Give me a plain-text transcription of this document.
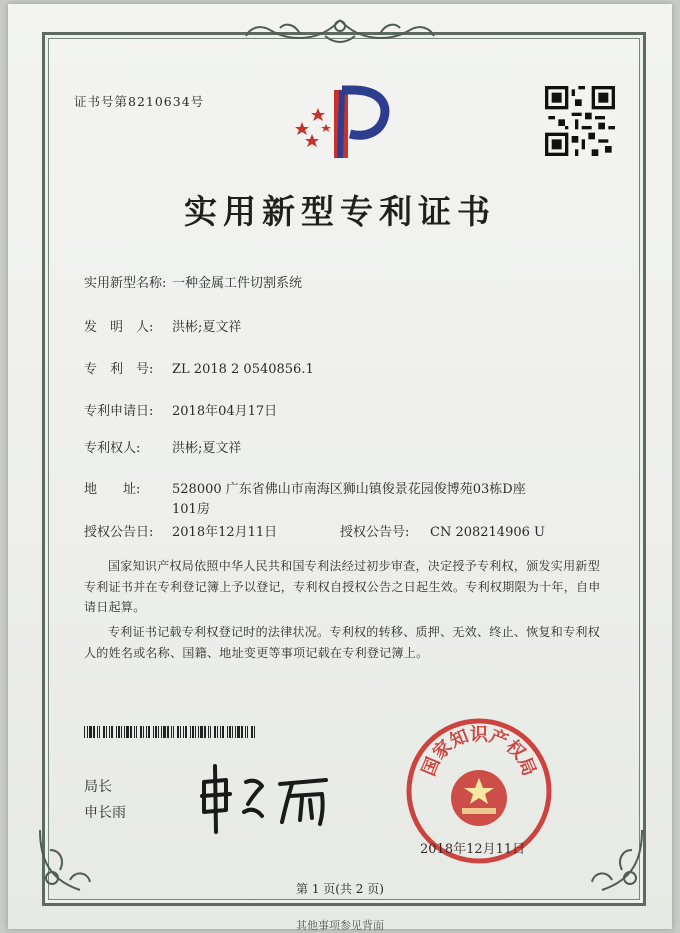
证书号第8210634号
实用新型专利证书
实用新型名称: 一种金属工件切割系统
发　明　人: 洪彬;夏文祥
专　利　号: ZL 2018 2 0540856.1
专利申请日: 2018年04月17日
专利权人: 洪彬;夏文祥
地　　址:	528000 广东省佛山市南海区狮山镇俊景花园俊博苑03栋D座101房
授权公告日: 2018年12月11日	授权公告号: CN 208214906 U
国家知识产权局依照中华人民共和国专利法经过初步审查，决定授予专利权，颁发实用新型专利证书并在专利登记簿上予以登记，专利权自授权公告之日起生效。专利权期限为十年，自申请日起算。
专利证书记载专利权登记时的法律状况。专利权的转移、质押、无效、终止、恢复和专利权人的姓名或名称、国籍、地址变更等事项记载在专利登记簿上。
局长
申长雨
国家知识产权局
2018年12月11日
第 1 页(共 2 页)
其他事项参见背面
